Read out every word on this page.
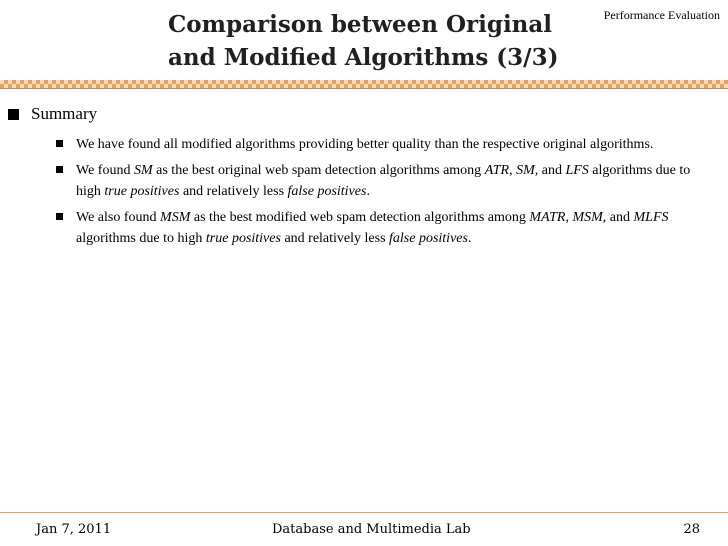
Performance Evaluation
Comparison between Original
and Modified Algorithms (3/3)
Summary
We have found all modified algorithms providing better quality than the respective original algorithms.
We found SM as the best original web spam detection algorithms among ATR, SM, and LFS algorithms due to high true positives and relatively less false positives.
We also found MSM as the best modified web spam detection algorithms among MATR, MSM, and MLFS algorithms due to high true positives and relatively less false positives.
Jan 7, 2011	Database and Multimedia Lab	28
